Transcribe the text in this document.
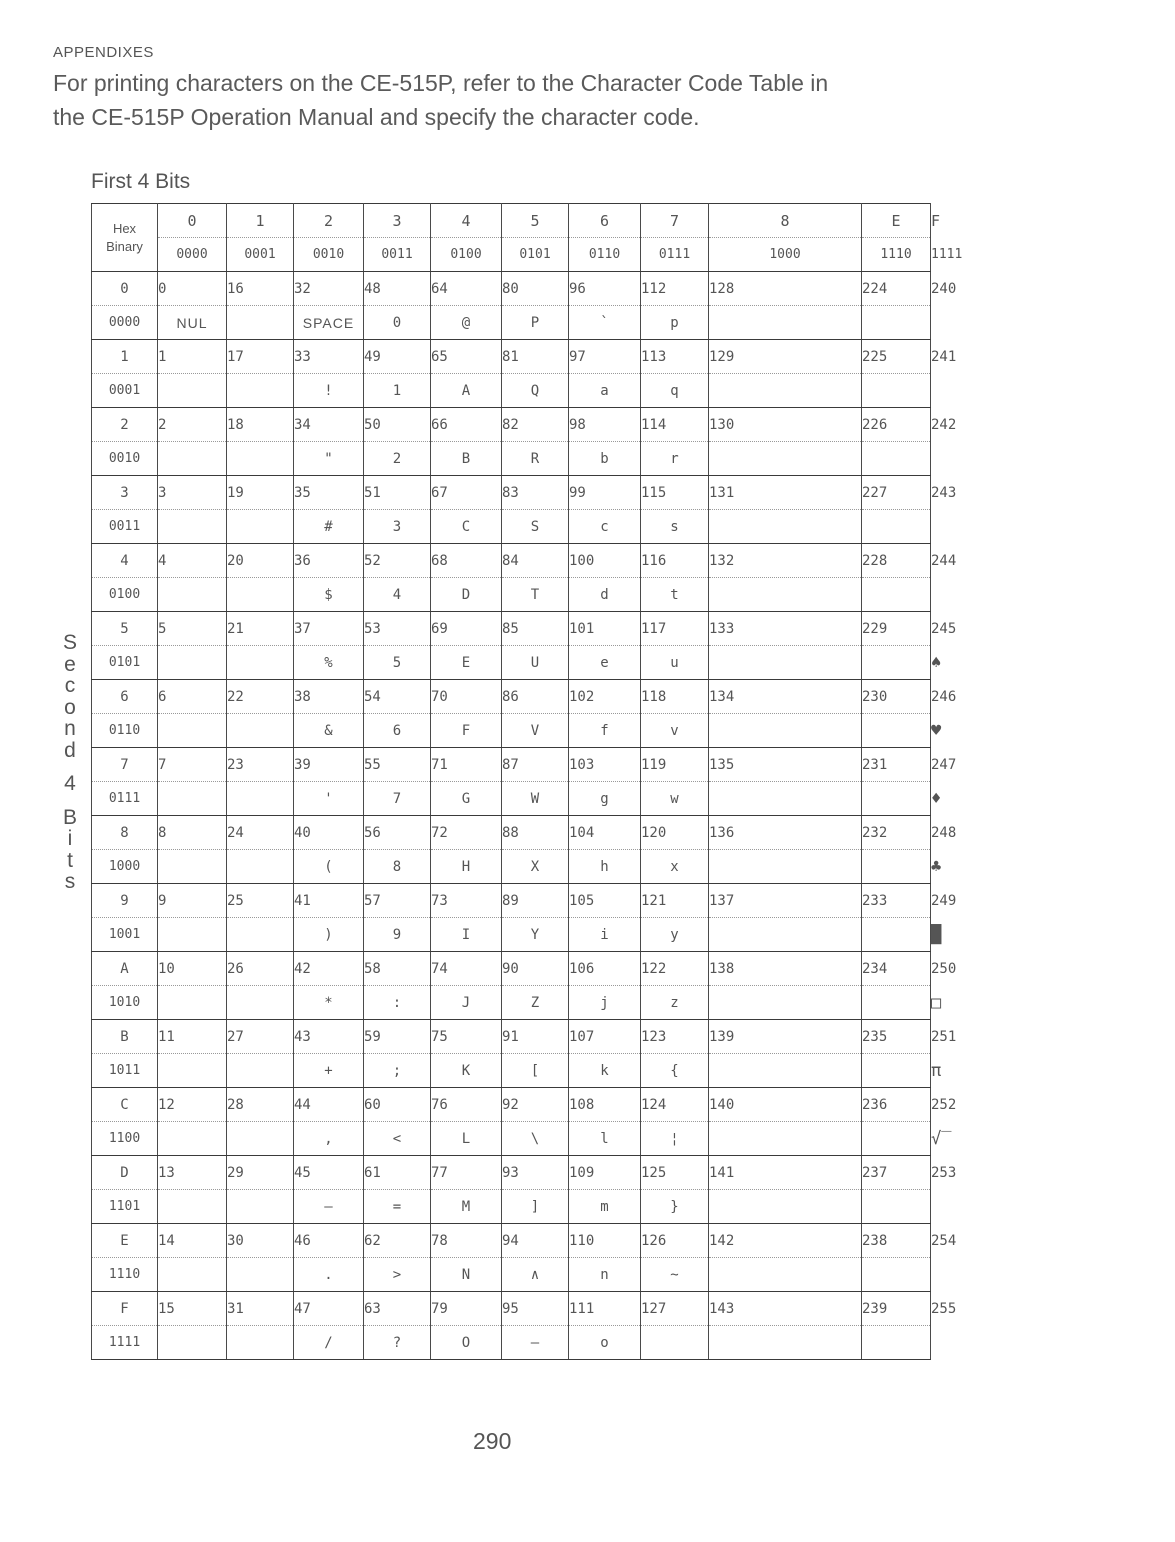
APPENDIXES
For printing characters on the CE-515P, refer to the Character Code Table in
the CE-515P Operation Manual and specify the character code.
First 4 Bits
S
e
c
o
n
d
4
B
i
t
s
Hex
Binary	0	1	2	3	4	5	6	7	8	E	F
	0000	0001	0010	0011	0100	0101	0110	0111	1000	1110	1111
0	0	16	32	48	64	80	96	112	128	224	240
0000	NUL		SPACE	0	@	P	`	p			
1	1	17	33	49	65	81	97	113	129	225	241
0001			!	1	A	Q	a	q			
2	2	18	34	50	66	82	98	114	130	226	242
0010			"	2	B	R	b	r			
3	3	19	35	51	67	83	99	115	131	227	243
0011			#	3	C	S	c	s			
4	4	20	36	52	68	84	100	116	132	228	244
0100			$	4	D	T	d	t			
5	5	21	37	53	69	85	101	117	133	229	245
0101			%	5	E	U	e	u			♠
6	6	22	38	54	70	86	102	118	134	230	246
0110			&	6	F	V	f	v			♥
7	7	23	39	55	71	87	103	119	135	231	247
0111			'	7	G	W	g	w			♦
8	8	24	40	56	72	88	104	120	136	232	248
1000			(	8	H	X	h	x			♣
9	9	25	41	57	73	89	105	121	137	233	249
1001			)	9	I	Y	i	y			█
A	10	26	42	58	74	90	106	122	138	234	250
1010			*	:	J	Z	j	z			□
B	11	27	43	59	75	91	107	123	139	235	251
1011			+	;	K	[	k	{			π
C	12	28	44	60	76	92	108	124	140	236	252
1100			,	<	L	\	l	¦			√‾
D	13	29	45	61	77	93	109	125	141	237	253
1101			—	=	M	]	m	}			
E	14	30	46	62	78	94	110	126	142	238	254
1110			.	>	N	∧	n	~			
F	15	31	47	63	79	95	111	127	143	239	255
1111			/	?	O	—	o				
290
